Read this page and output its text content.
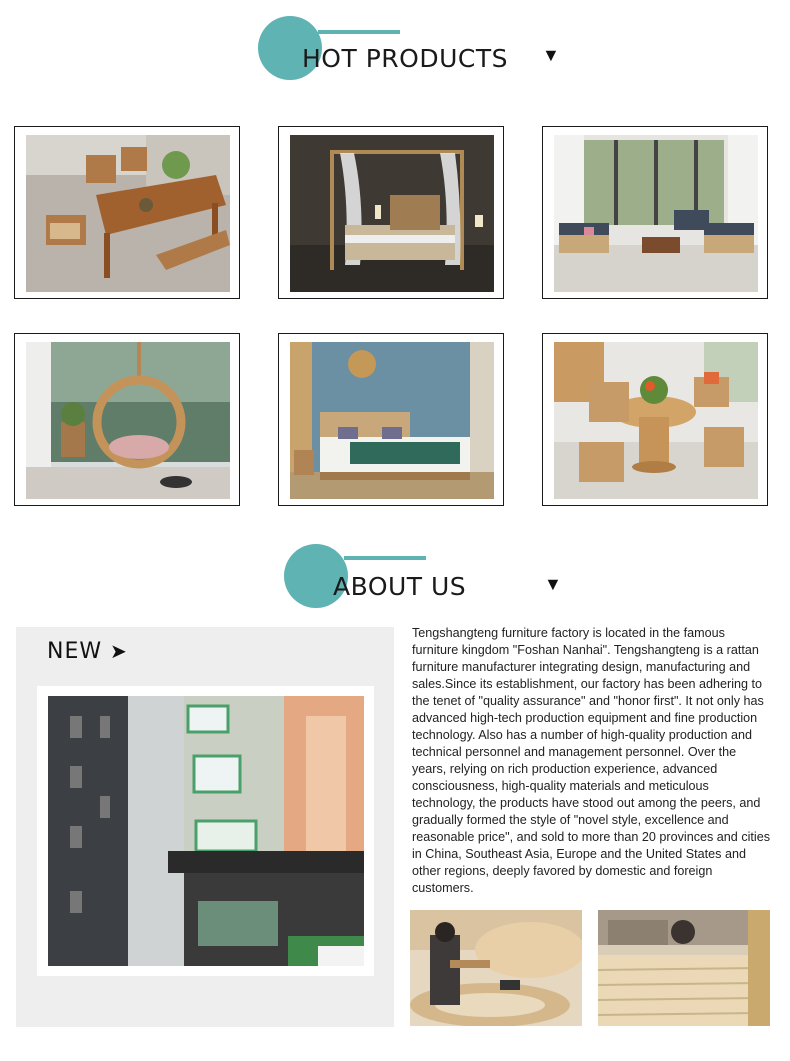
HOT PRODUCTS ▼
ABOUT US	▼
NEW ➤
Tengshangteng furniture factory is located in the famous furniture kingdom "Foshan Nanhai". Tengshangteng is a rattan furniture manufacturer integrating design, manufacturing and sales.Since its establishment, our factory has been adhering to the tenet of "quality assurance" and "honor first". It not only has advanced high-tech production equipment and fine production technology. Also has a number of high-quality production and technical personnel and management personnel. Over the years, relying on rich production experience, advanced consciousness, high-quality materials and meticulous technology, the products have stood out among the peers, and gradually formed the style of "novel style, excellence and reasonable price", and sold to more than 20 provinces and cities in China, Southeast Asia, Europe and the United States and other regions, deeply favored by domestic and foreign customers.
